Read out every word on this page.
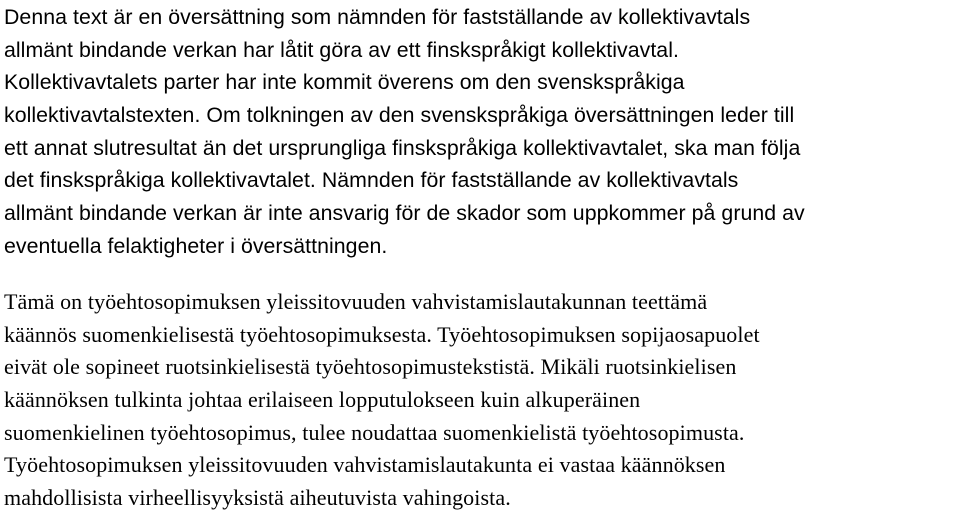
Denna text är en översättning som nämnden för fastställande av kollektivavtals
allmänt bindande verkan har låtit göra av ett finskspråkigt kollektivavtal.
Kollektivavtalets parter har inte kommit överens om den svenskspråkiga
kollektivavtalstexten. Om tolkningen av den svenskspråkiga översättningen leder till
ett annat slutresultat än det ursprungliga finskspråkiga kollektivavtalet, ska man följa
det finskspråkiga kollektivavtalet. Nämnden för fastställande av kollektivavtals
allmänt bindande verkan är inte ansvarig för de skador som uppkommer på grund av
eventuella felaktigheter i översättningen.
Tämä on työehtosopimuksen yleissitovuuden vahvistamislautakunnan teettämä
käännös suomenkielisestä työehtosopimuksesta. Työehtosopimuksen sopijaosapuolet
eivät ole sopineet ruotsinkielisestä työehtosopimustekstistä. Mikäli ruotsinkielisen
käännöksen tulkinta johtaa erilaiseen lopputulokseen kuin alkuperäinen
suomenkielinen työehtosopimus, tulee noudattaa suomenkielistä työehtosopimusta.
Työehtosopimuksen yleissitovuuden vahvistamislautakunta ei vastaa käännöksen
mahdollisista virheellisyyksistä aiheutuvista vahingoista.
